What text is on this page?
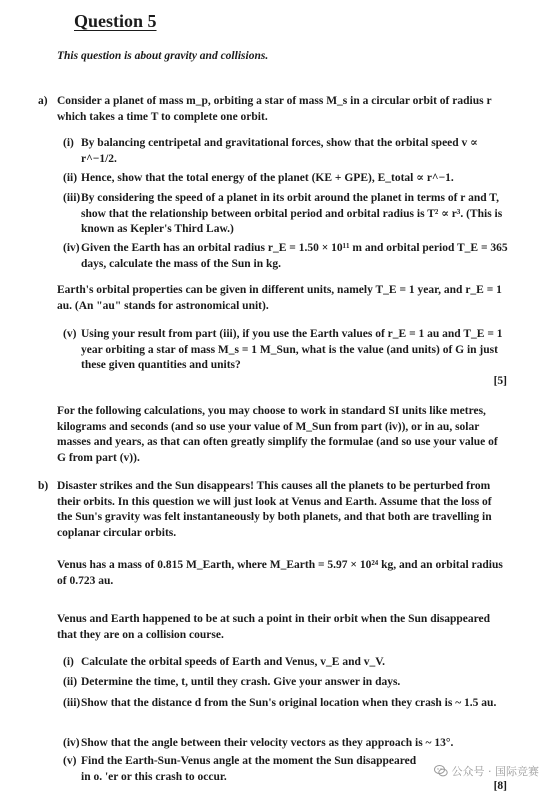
Question 5

This question is about gravity and collisions.

a) Consider a planet of mass m_p, orbiting a star of mass M_s in a circular orbit of radius r which takes a time T to complete one orbit.

(i) By balancing centripetal and gravitational forces, show that the orbital speed v ∝ r^−1/2.

(ii) Hence, show that the total energy of the planet (KE + GPE), E_total ∝ r^−1.

(iii) By considering the speed of a planet in its orbit around the planet in terms of r and T, show that the relationship between orbital period and orbital radius is T² ∝ r³. (This is known as Kepler's Third Law.)

(iv) Given the Earth has an orbital radius r_E = 1.50 × 10¹¹ m and orbital period T_E = 365 days, calculate the mass of the Sun in kg.

Earth's orbital properties can be given in different units, namely T_E = 1 year, and r_E = 1 au. (An "au" stands for astronomical unit).

(v) Using your result from part (iii), if you use the Earth values of r_E = 1 au and T_E = 1 year orbiting a star of mass M_s = 1 M_Sun, what is the value (and units) of G in just these given quantities and units?

[5]

For the following calculations, you may choose to work in standard SI units like metres, kilograms and seconds (and so use your value of M_Sun from part (iv)), or in au, solar masses and years, as that can often greatly simplify the formulae (and so use your value of G from part (v)).

b) Disaster strikes and the Sun disappears! This causes all the planets to be perturbed from their orbits. In this question we will just look at Venus and Earth. Assume that the loss of the Sun's gravity was felt instantaneously by both planets, and that both are travelling in coplanar circular orbits.

Venus has a mass of 0.815 M_Earth, where M_Earth = 5.97 × 10²⁴ kg, and an orbital radius of 0.723 au.

Venus and Earth happened to be at such a point in their orbit when the Sun disappeared that they are on a collision course.

(i) Calculate the orbital speeds of Earth and Venus, v_E and v_V.

(ii) Determine the time, t, until they crash. Give your answer in days.

(iii) Show that the distance d from the Sun's original location when they crash is ~ 1.5 au.

(iv) Show that the angle between their velocity vectors as they approach is ~ 13°.

(v) Find the Earth-Sun-Venus angle at the moment the Sun disappeared in o. 'er or this crash to occur.

[8]

公众号 · 国际竞赛
